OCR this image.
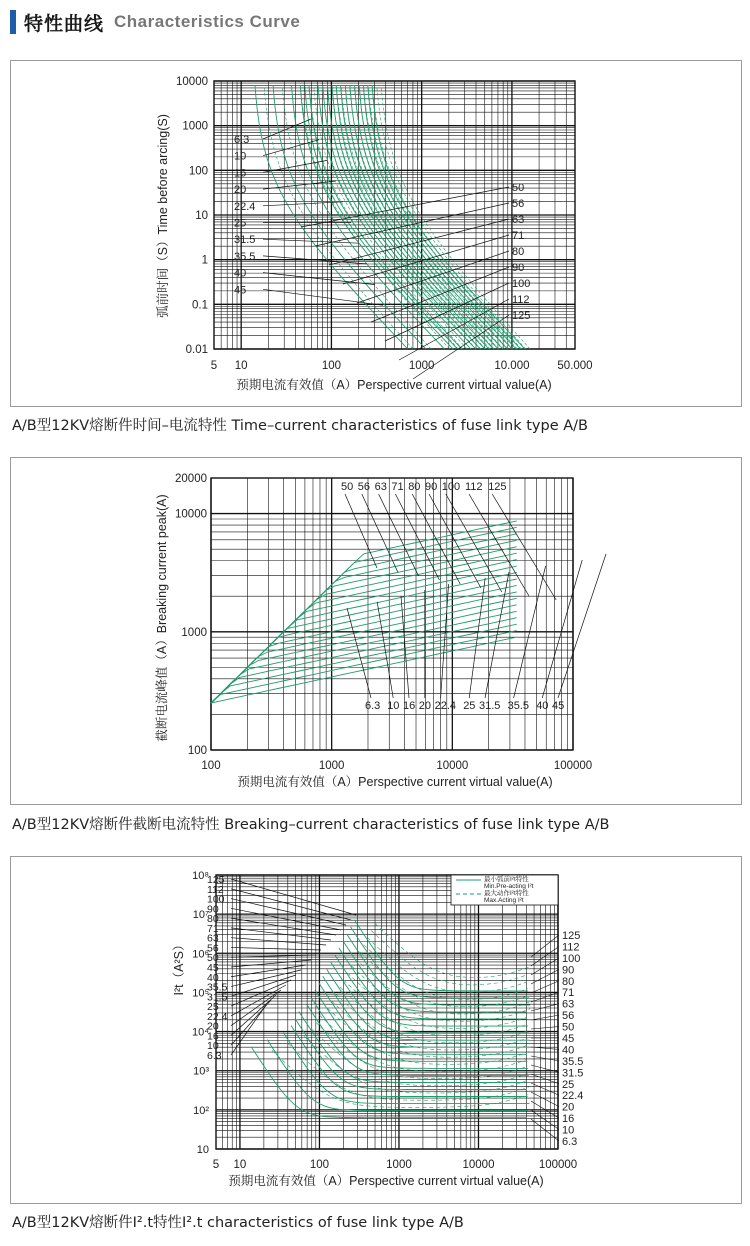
特性曲线 Characteristics Curve
5 10	100	1000	10.000 50.000
10000
1000
100
10
1
0.1
0.01
预期电流有效值（A）Perspective current virtual value(A)
弧前时间（S）Time before arcing(S)	6.3
10
16
20
22.4
25
31.5
35.5
40
45
50
56
63
71
80
90
100
112
125
A/B型12KV熔断件时间–电流特性 Time–current characteristics of fuse link type A/B
100	1000	10000	100000
20000
10000
1000
100
预期电流有效值（A）Perspective current virtual value(A)
截断电流峰值（A）Breaking current peak(A)
50 56 63 71 80 90 100 112 125
6.3 10 16 20 22.4 25 31.5 35.5 40 45
A/B型12KV熔断件截断电流特性 Breaking–current characteristics of fuse link type A/B
5 10	100	1000	10000	100000
10⁸
10⁷
10⁶
10⁵
10⁴
10³
10²
10
预期电流有效值（A）Perspective current virtual value(A)
I²t（A²S）
125
112
100
90
80
71
63
56
50
45
40
35.5
31.5
25
22.4
20
16
10
6.3
125
112
100
90
80
71
63
56
50
45
40
35.5
31.5
25
22.4
20
16
10
6.3
最小弧前I²t特性
Min.Pre-acting I²t
最大动作I²t特性
Max.Acting I²t
A/B型12KV熔断件I².t特性I².t characteristics of fuse link type A/B
